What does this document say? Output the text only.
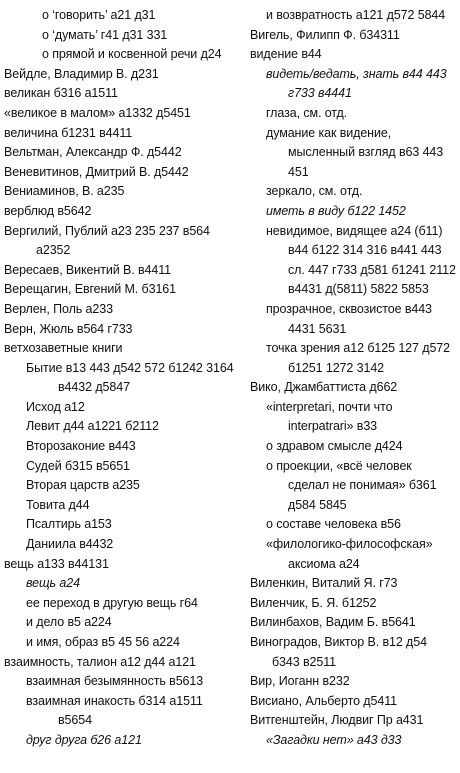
о ‘говорить’ а21 д31

о ‘думать’ г41 д31 331

о прямой и косвенной речи д24

Вейдле, Владимир В. д231

великан б316 а1511

«великое в малом» а1332 д5451

величина б1231 в4411

Вельтман, Александр Ф. д5442

Веневитинов, Дмитрий В. д5442

Вениаминов, В. а235

верблюд в5642

Вергилий, Публий а23 235 237 в564 а2352

Вересаев, Викентий В. в4411

Верещагин, Евгений М. б3161

Верлен, Поль а233

Верн, Жюль в564 г733

ветхозаветные книги

Бытие в13 443 д542 572 б1242 3164 в4432 д5847

Исход а12

Левит д44 а1221 б2112

Второзаконие в443

Судей б315 в5651

Вторая царств а235

Товита д44

Псалтирь а153

Даниила в4432

вещь а133 в44131

вещь а24

ее переход в другую вещь г64

и дело в5 а224

и имя, образ в5 45 56 а224

взаимность, талион а12 д44 а121

взаимная безымянность в5613

взаимная инакость б314 а1511 в5654

друг друга б26 а121

и возвратность а121 д572 5844

Вигель, Филипп Ф. б34311

видение в44

видеть/ведать, знать в44 443 г733 в4441

глаза, см. отд.

думание как видение, мысленный взгляд в63 443 451

зеркало, см. отд.

иметь в виду б122 1452

невидимое, видящее а24 (б11) в44 б122 314 316 в441 443 сл. 447 г733 д581 б1241 2112 в4431 д(5811) 5822 5853

прозрачное, сквозистое в443 4431 5631

точка зрения а12 б125 127 д572 б1251 1272 3142

Вико, Джамбаттиста д662

«interpretari, почти что interpatrari» в33

о здравом смысле д424

о проекции, «всё человек сделал не понимая» б361 д584 5845

о составе человека в56

«филологико-философская» аксиома а24

Виленкин, Виталий Я. г73

Виленчик, Б. Я. б1252

Вилинбахов, Вадим Б. в5641

Виноградов, Виктор В. в12 д54 б343 в2511

Вир, Иоганн в232

Висиано, Альберто д5411

Витгенштейн, Людвиг Пр а431

«Загадки нет» а43 д33
